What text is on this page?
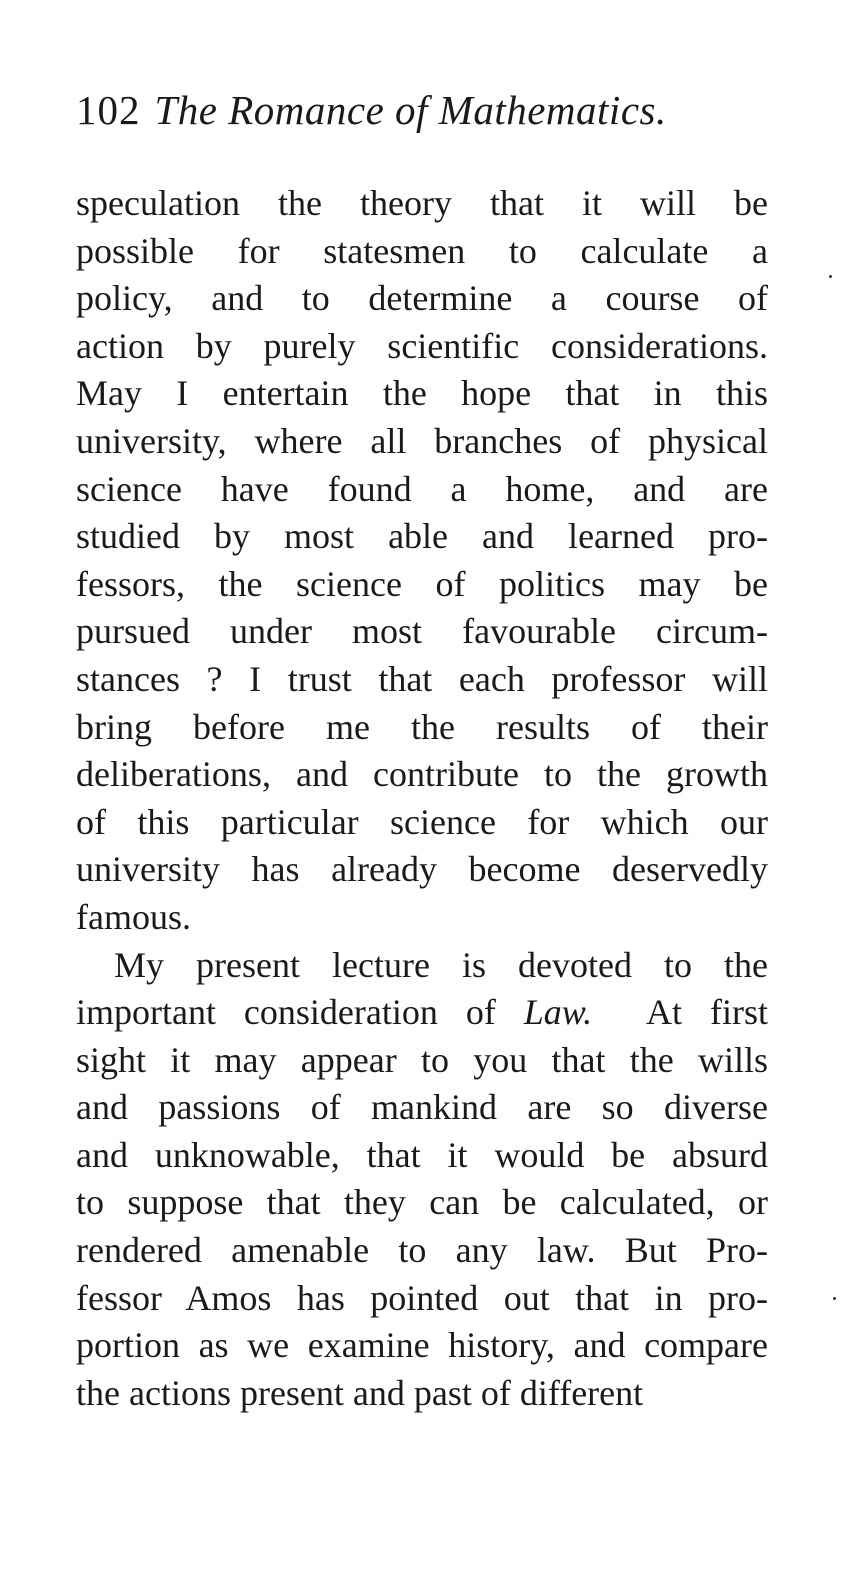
102 The Romance of Mathematics.
speculation the theory that it will be
possible for statesmen to calculate a
policy, and to determine a course of
action by purely scientific considerations.
May I entertain the hope that in this
university, where all branches of physical
science have found a home, and are
studied by most able and learned pro-
fessors, the science of politics may be
pursued under most favourable circum-
stances ? I trust that each professor will
bring before me the results of their
deliberations, and contribute to the growth
of this particular science for which our
university has already become deservedly
famous.
My present lecture is devoted to the
important consideration of Law.  At first
sight it may appear to you that the wills
and passions of mankind are so diverse
and unknowable, that it would be absurd
to suppose that they can be calculated, or
rendered amenable to any law. But Pro-
fessor Amos has pointed out that in pro-
portion as we examine history, and compare
the actions present and past of different
